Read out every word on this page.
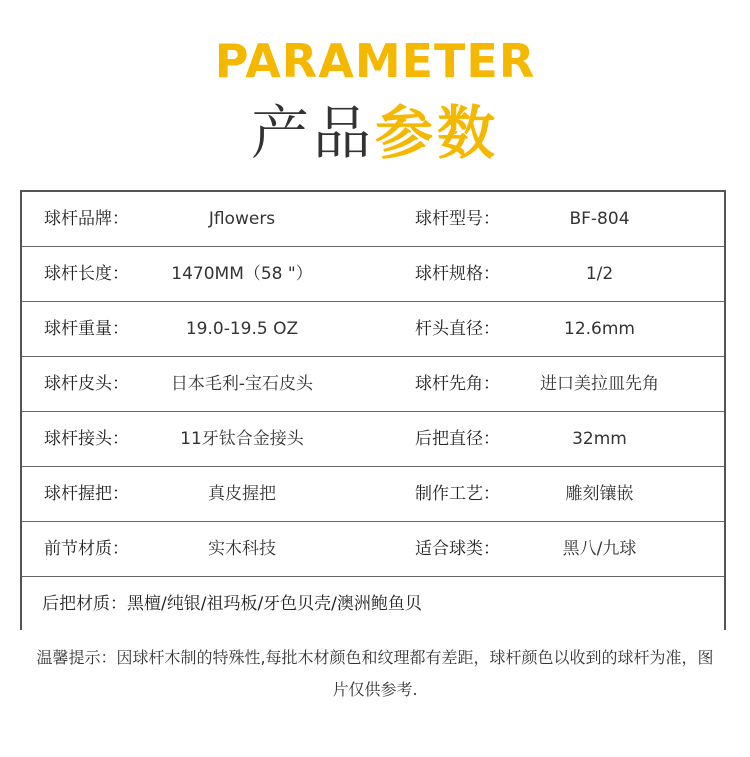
PARAMETER
产品参数
球杆品牌：	Jflowers	球杆型号：	BF-804
球杆长度：	1470MM（58 "）	球杆规格：	1/2
球杆重量：	19.0-19.5 OZ	杆头直径：	12.6mm
球杆皮头：	日本毛利-宝石皮头	球杆先角：	进口美拉皿先角
球杆接头：	11牙钛合金接头	后把直径：	32mm
球杆握把：	真皮握把	制作工艺：	雕刻镶嵌
前节材质：	实木科技	适合球类：	黑八/九球
后把材质：黑檀/纯银/祖玛板/牙色贝壳/澳洲鲍鱼贝
温馨提示：因球杆木制的特殊性,每批木材颜色和纹理都有差距，球杆颜色以收到的球杆为准，图片仅供参考.
